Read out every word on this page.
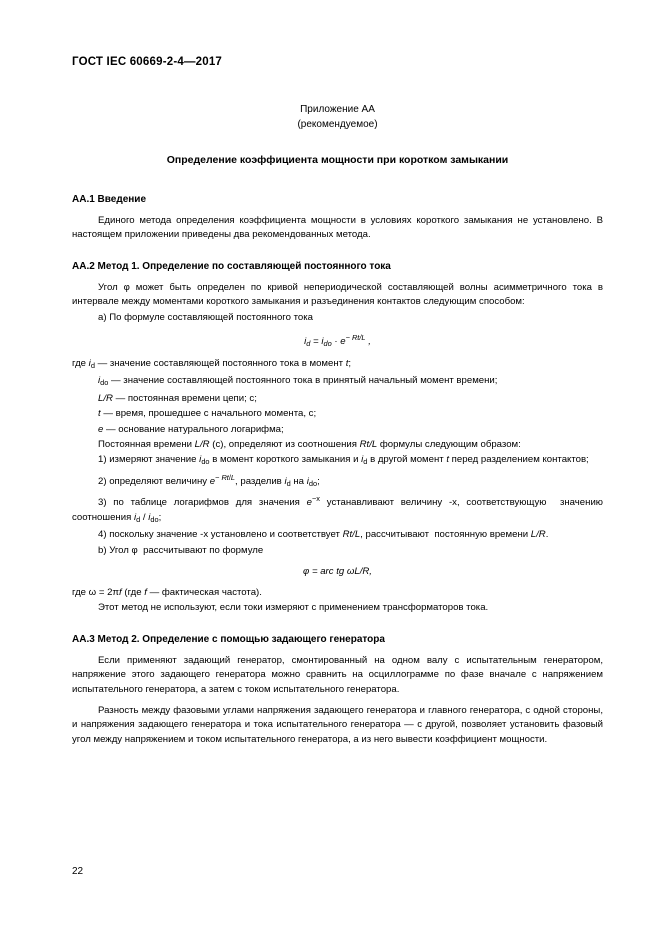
ГОСТ IEC 60669-2-4—2017

Приложение АА

(рекомендуемое)

Определение коэффициента мощности при коротком замыкании

АА.1 Введение

Единого метода определения коэффициента мощности в условиях короткого замыкания не установлено. В настоящем приложении приведены два рекомендованных метода.

АА.2 Метод 1. Определение по составляющей постоянного тока

Угол φ может быть определен по кривой непериодической составляющей волны асимметричного тока в интервале между моментами короткого замыкания и разъединения контактов следующим способом:

а) По формуле составляющей постоянного тока

$i_d = i_{do} \cdot e^{- Rt/L}$ ,

где $i_d$ — значение составляющей постоянного тока в момент t;

$i_{do}$ — значение составляющей постоянного тока в принятый начальный момент времени;

L/R — постоянная времени цепи; с;

t — время, прошедшее с начального момента, с;

e — основание натурального логарифма;

Постоянная времени L/R (с), определяют из соотношения Rt/L формулы следующим образом:

1) измеряют значение $i_{do}$ в момент короткого замыкания и $i_d$ в другой момент t перед разделением контактов;

2) определяют величину $e^{- Rt/L}$, разделив $i_d$ на $i_{do}$;

3) по таблице логарифмов для значения $e^{-x}$ устанавливают величину -x, соответствующую  значению соотношения $i_d / i_{do}$;

4) поскольку значение -x установлено и соответствует Rt/L, рассчитывают  постоянную времени L/R.

b) Угол φ  рассчитывают по формуле

φ = arc tg ωL/R,

где ω = 2πf (где f — фактическая частота).

Этот метод не используют, если токи измеряют с применением трансформаторов тока.

АА.3 Метод 2. Определение с помощью задающего генератора

Если применяют задающий генератор, смонтированный на одном валу с испытательным генератором, напряжение этого задающего генератора можно сравнить на осциллограмме по фазе вначале с напряжением испытательного генератора, а затем с током испытательного генератора.

Разность между фазовыми углами напряжения задающего генератора и главного генератора, с одной стороны, и напряжения задающего генератора и тока испытательного генератора — с другой, позволяет установить фазовый угол между напряжением и током испытательного генератора, а из него вывести коэффициент мощности.

22
